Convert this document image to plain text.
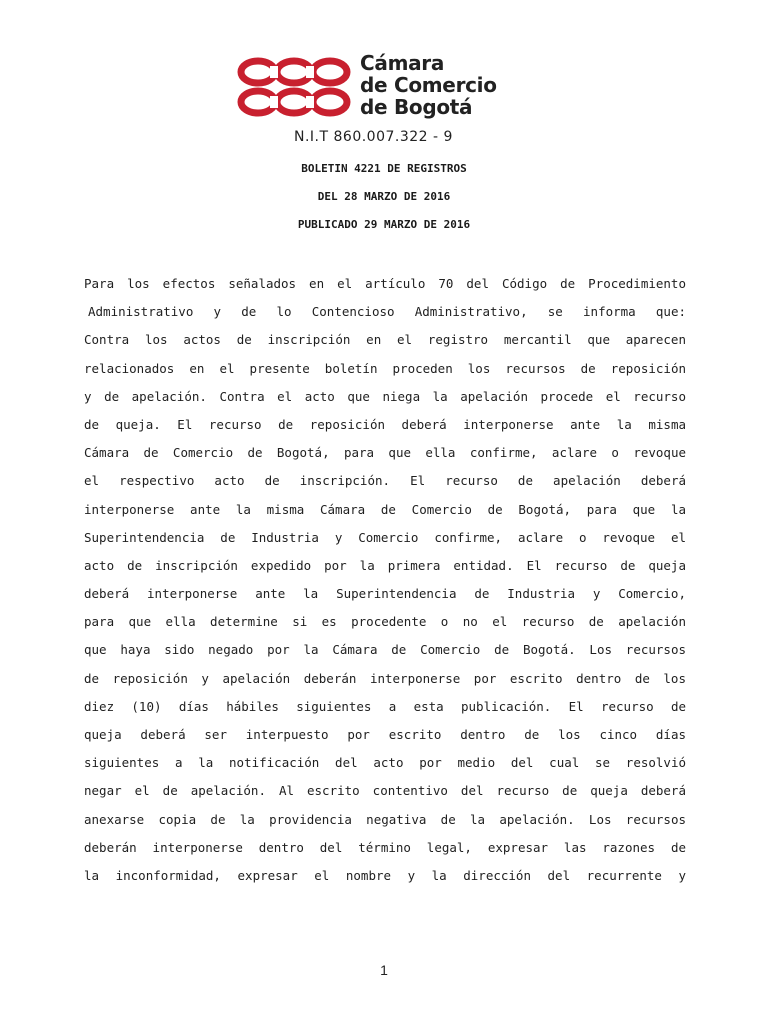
Cámara
de Comercio
de Bogotá
N.I.T 860.007.322 - 9
BOLETIN 4221 DE REGISTROS
DEL 28 MARZO DE 2016
PUBLICADO 29 MARZO DE 2016
Para los efectos señalados en el artículo 70 del Código de Procedimiento
Administrativo y de lo Contencioso Administrativo, se informa que:
Contra los actos de inscripción en el registro mercantil que aparecen
relacionados en el presente boletín proceden los recursos de reposición
y de apelación. Contra el acto que niega la apelación procede el recurso
de queja. El recurso de reposición deberá interponerse ante la misma
Cámara de Comercio de Bogotá, para que ella confirme, aclare o revoque
el respectivo acto de inscripción. El recurso de apelación deberá
interponerse ante la misma Cámara de Comercio de Bogotá, para que la
Superintendencia de Industria y Comercio confirme, aclare o revoque el
acto de inscripción expedido por la primera entidad. El recurso de queja
deberá interponerse ante la Superintendencia de Industria y Comercio,
para que ella determine si es procedente o no el recurso de apelación
que haya sido negado por la Cámara de Comercio de Bogotá. Los recursos
de reposición y apelación deberán interponerse por escrito dentro de los
diez (10) días hábiles siguientes a esta publicación. El recurso de
queja deberá ser interpuesto por escrito dentro de los cinco días
siguientes a la notificación del acto por medio del cual se resolvió
negar el de apelación. Al escrito contentivo del recurso de queja deberá
anexarse copia de la providencia negativa de la apelación. Los recursos
deberán interponerse dentro del término legal, expresar las razones de
la inconformidad, expresar el nombre y la dirección del recurrente y
1
